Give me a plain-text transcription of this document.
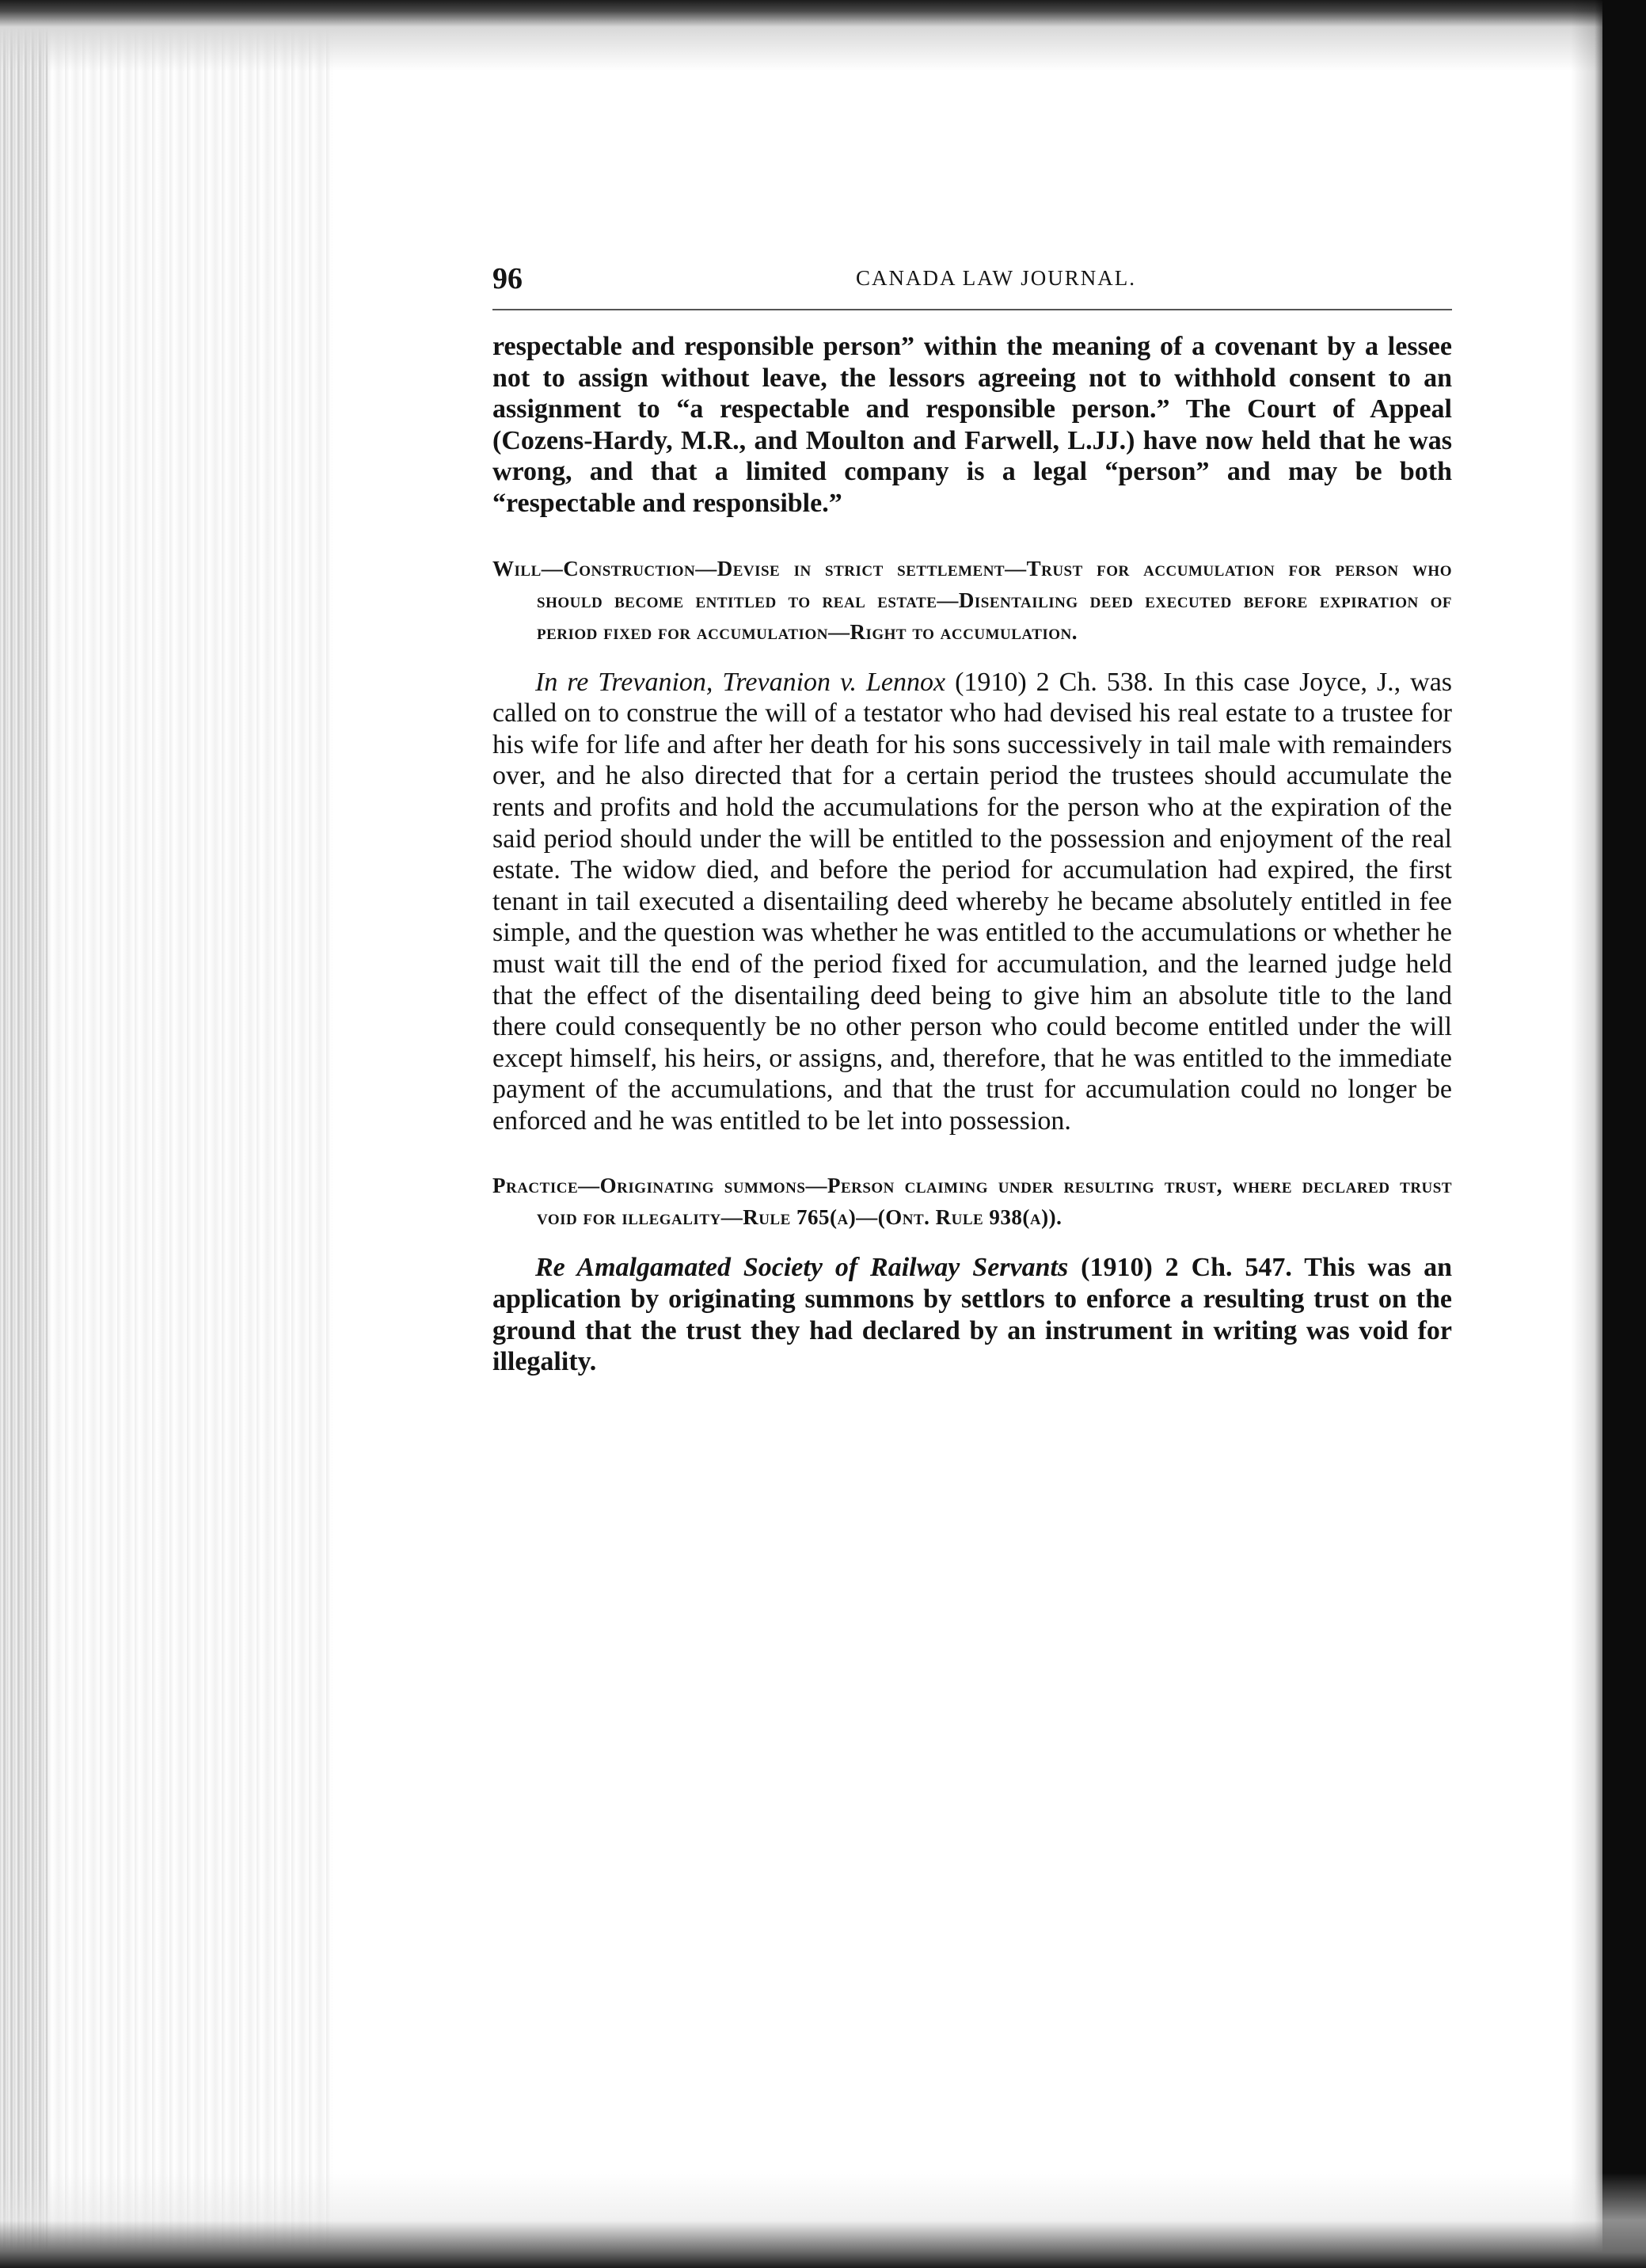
96	CANADA LAW JOURNAL.

respectable and responsible person” within the meaning of a covenant by a lessee not to assign without leave, the lessors agreeing not to withhold consent to an assignment to “a respectable and responsible person.” The Court of Appeal (Cozens-Hardy, M.R., and Moulton and Farwell, L.JJ.) have now held that he was wrong, and that a limited company is a legal “person” and may be both “respectable and responsible.”

Will—Construction—Devise in strict settlement—Trust for accumulation for person who should become entitled to real estate—Disentailing deed executed before expiration of period fixed for accumulation—Right to accumulation.

In re Trevanion, Trevanion v. Lennox (1910) 2 Ch. 538. In this case Joyce, J., was called on to construe the will of a testator who had devised his real estate to a trustee for his wife for life and after her death for his sons successively in tail male with remainders over, and he also directed that for a certain period the trustees should accumulate the rents and profits and hold the accumulations for the person who at the expiration of the said period should under the will be entitled to the possession and enjoyment of the real estate. The widow died, and before the period for accumulation had expired, the first tenant in tail executed a disentailing deed whereby he became absolutely entitled in fee simple, and the question was whether he was entitled to the accumulations or whether he must wait till the end of the period fixed for accumulation, and the learned judge held that the effect of the disentailing deed being to give him an absolute title to the land there could consequently be no other person who could become entitled under the will except himself, his heirs, or assigns, and, therefore, that he was entitled to the immediate payment of the accumulations, and that the trust for accumulation could no longer be enforced and he was entitled to be let into possession.

Practice—Originating summons—Person claiming under resulting trust, where declared trust void for illegality—Rule 765(a)—(Ont. Rule 938(a)).

Re Amalgamated Society of Railway Servants (1910) 2 Ch. 547. This was an application by originating summons by settlors to enforce a resulting trust on the ground that the trust they had declared by an instrument in writing was void for illegality.
